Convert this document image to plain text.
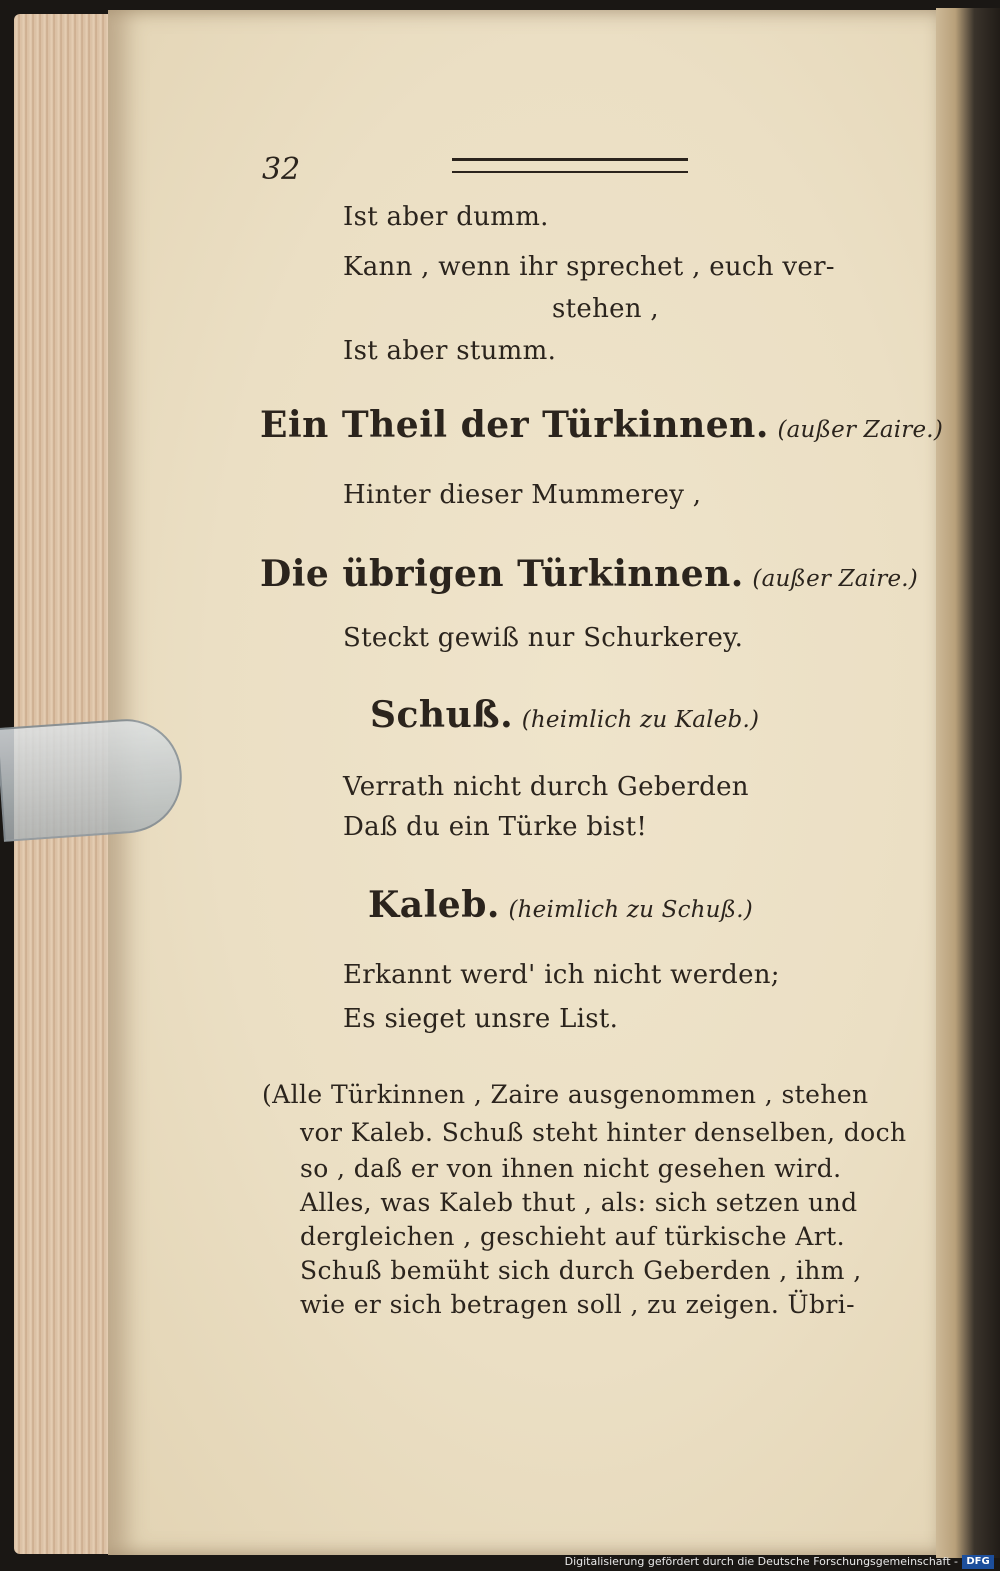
32
Ist aber dumm.
Kann , wenn ihr sprechet , euch ver-
stehen ,
Ist aber stumm.
Ein Theil der Türkinnen. (außer Zaire.)
Hinter dieser Mummerey ,
Die übrigen Türkinnen. (außer Zaire.)
Steckt gewiß nur Schurkerey.
Schuß. (heimlich zu Kaleb.)
Verrath nicht durch Geberden
Daß du ein Türke bist!
Kaleb. (heimlich zu Schuß.)
Erkannt werd' ich nicht werden;
Es sieget unsre List.
(Alle Türkinnen , Zaire ausgenommen , stehen
vor Kaleb. Schuß steht hinter denselben, doch
so , daß er von ihnen nicht gesehen wird.
Alles, was Kaleb thut , als: sich setzen und
dergleichen , geschieht auf türkische Art.
Schuß bemüht sich durch Geberden , ihm ,
wie er sich betragen soll , zu zeigen. Übri-
Digitalisierung gefördert durch die Deutsche Forschungsgemeinschaft - DFG
